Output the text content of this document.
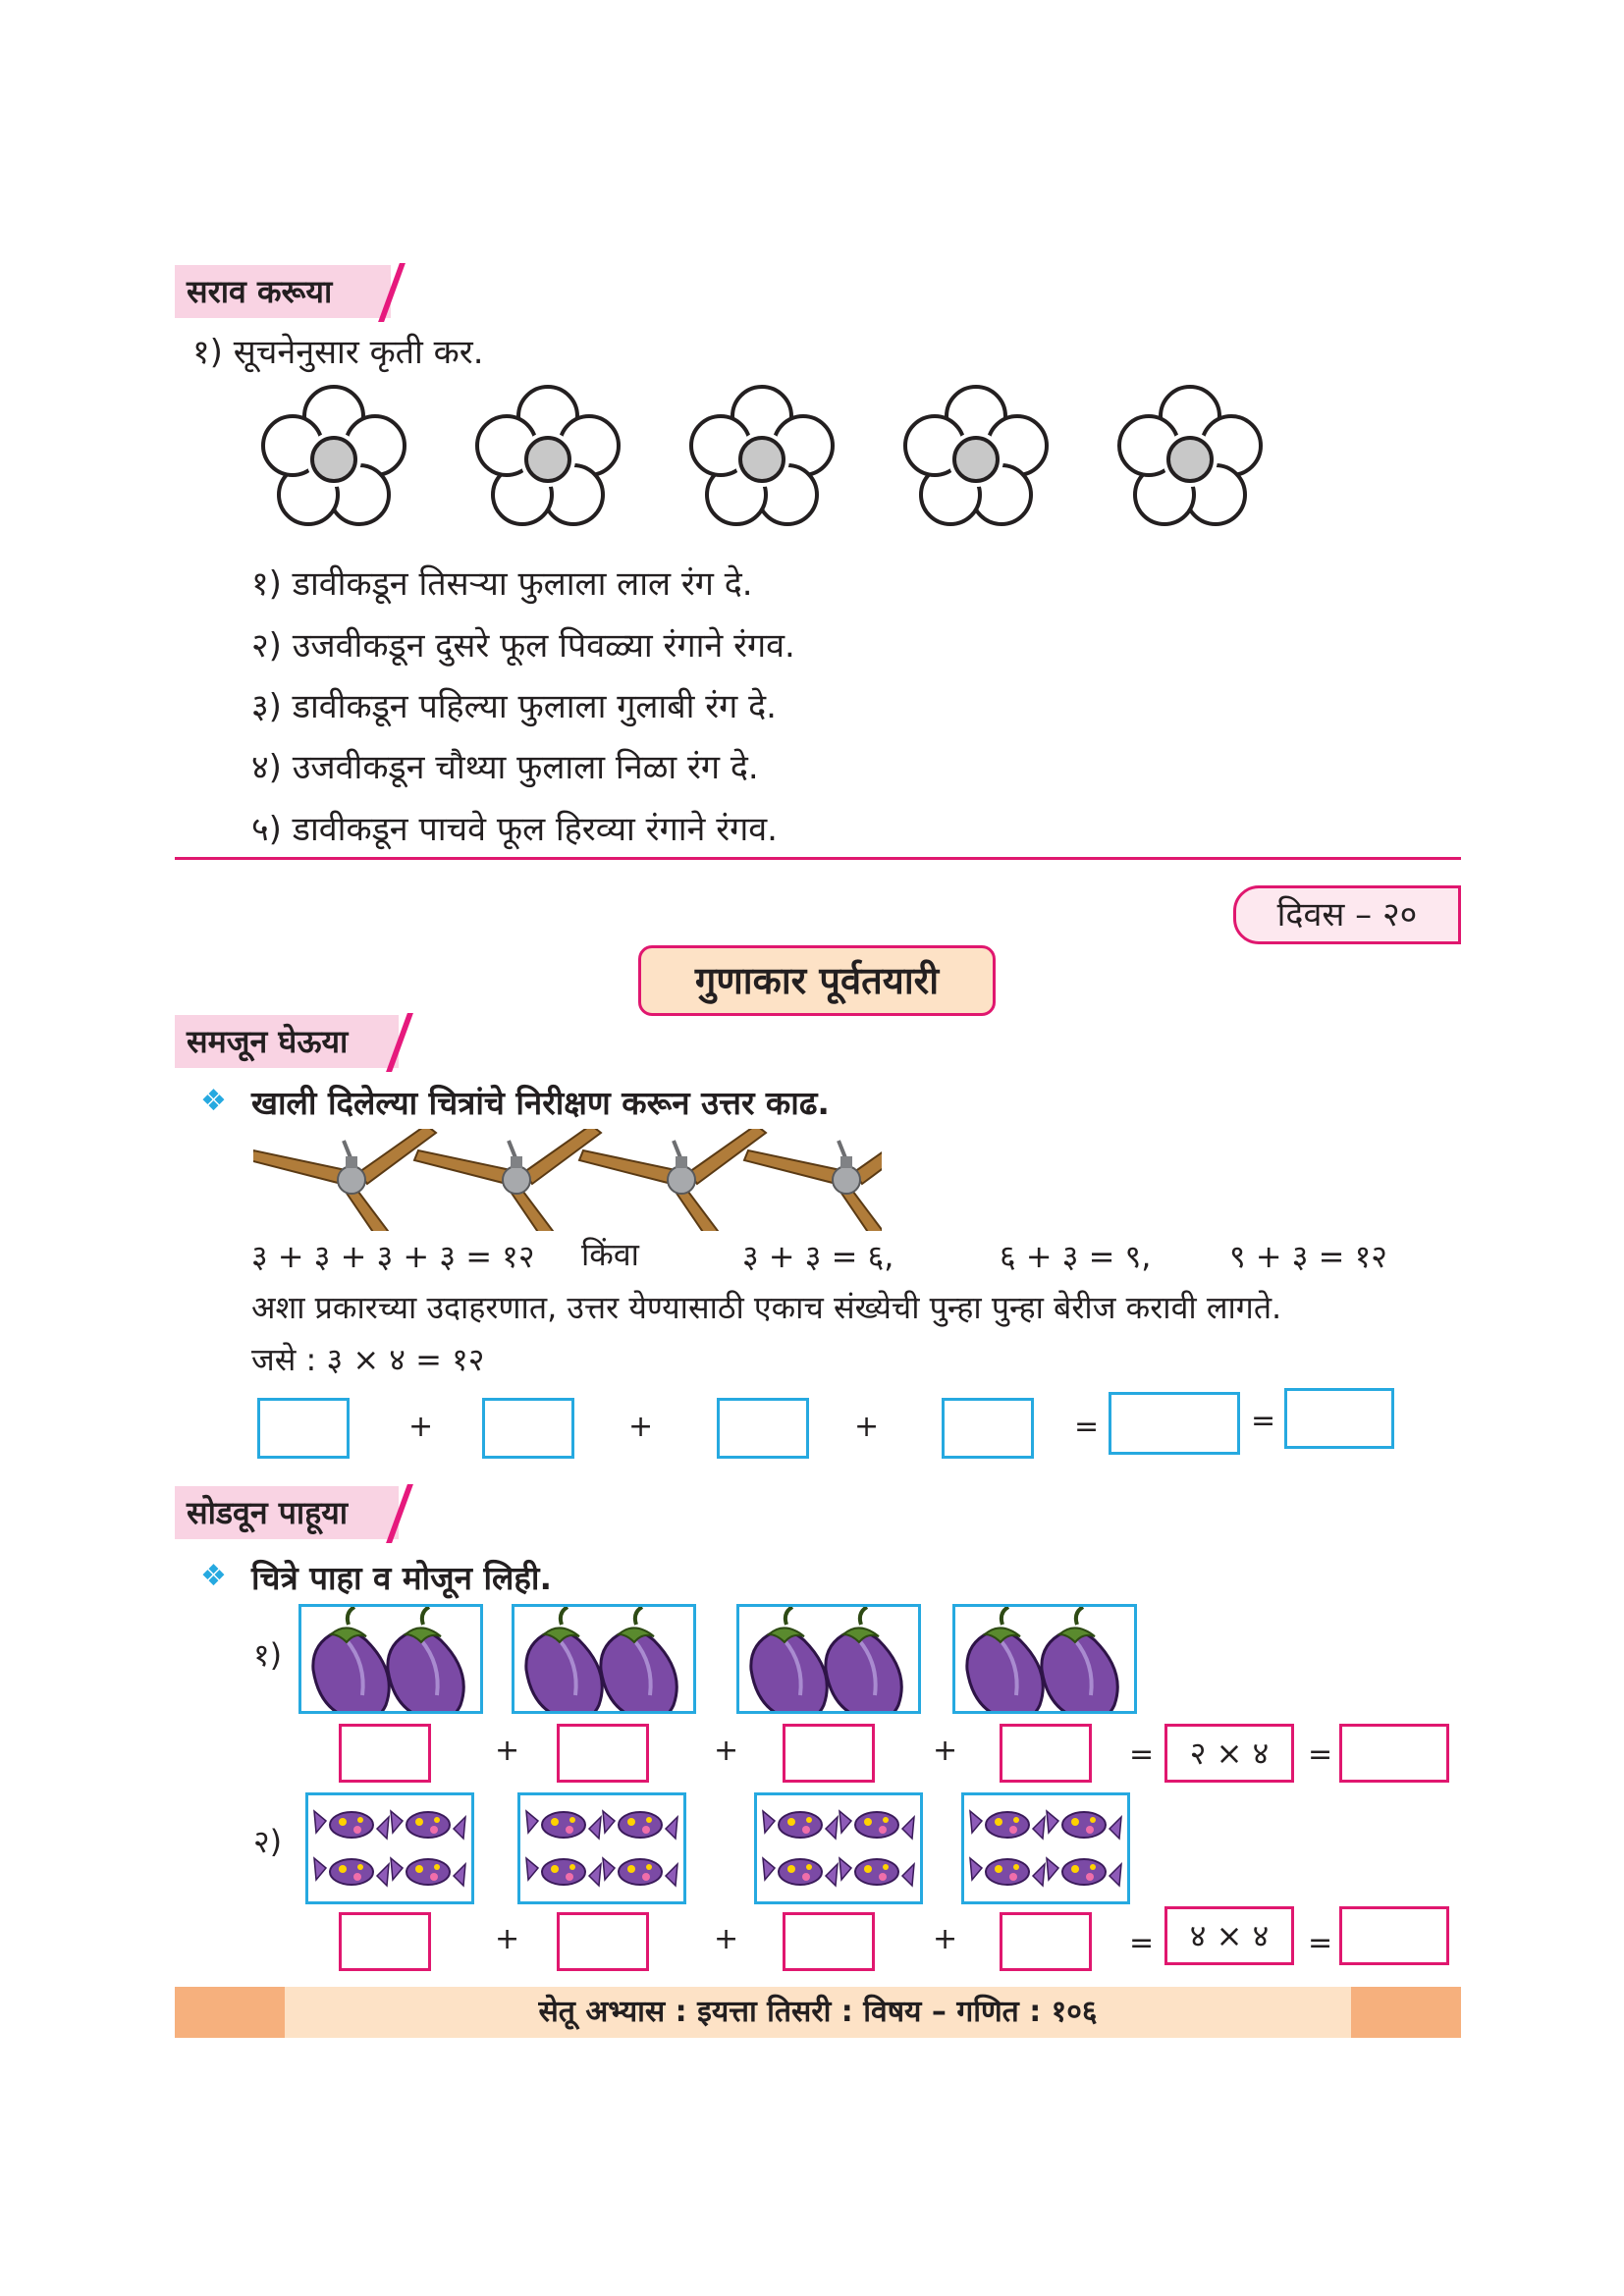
सराव करूया
१) सूचनेनुसार कृती कर.
१) डावीकडून तिसऱ्या फुलाला लाल रंग दे.
२) उजवीकडून दुसरे फूल पिवळ्या रंगाने रंगव.
३) डावीकडून पहिल्या फुलाला गुलाबी रंग दे.
४) उजवीकडून चौथ्या फुलाला निळा रंग दे.
५) डावीकडून पाचवे फूल हिरव्या रंगाने रंगव.
दिवस – २०
गुणाकार पूर्वतयारी
समजून घेऊया
❖ खाली दिलेल्या चित्रांचे निरीक्षण करून उत्तर काढ.
३ + ३ + ३ + ३ = १२ किंवा	३ + ३ = ६,	६ + ३ = ९, ९ + ३ = १२
अशा प्रकारच्या उदाहरणात, उत्तर येण्यासाठी एकाच संख्येची पुन्हा पुन्हा बेरीज करावी लागते.
जसे : ३ × ४ = १२
+	+	+	=	=
सोडवून पाहूया
❖ चित्रे पाहा व मोजून लिही.
१)
+	+	+	=	२ × ४	=
२)
+	+	+	=	४ × ४	=
सेतू अभ्यास : इयत्ता तिसरी : विषय – गणित : १०६
